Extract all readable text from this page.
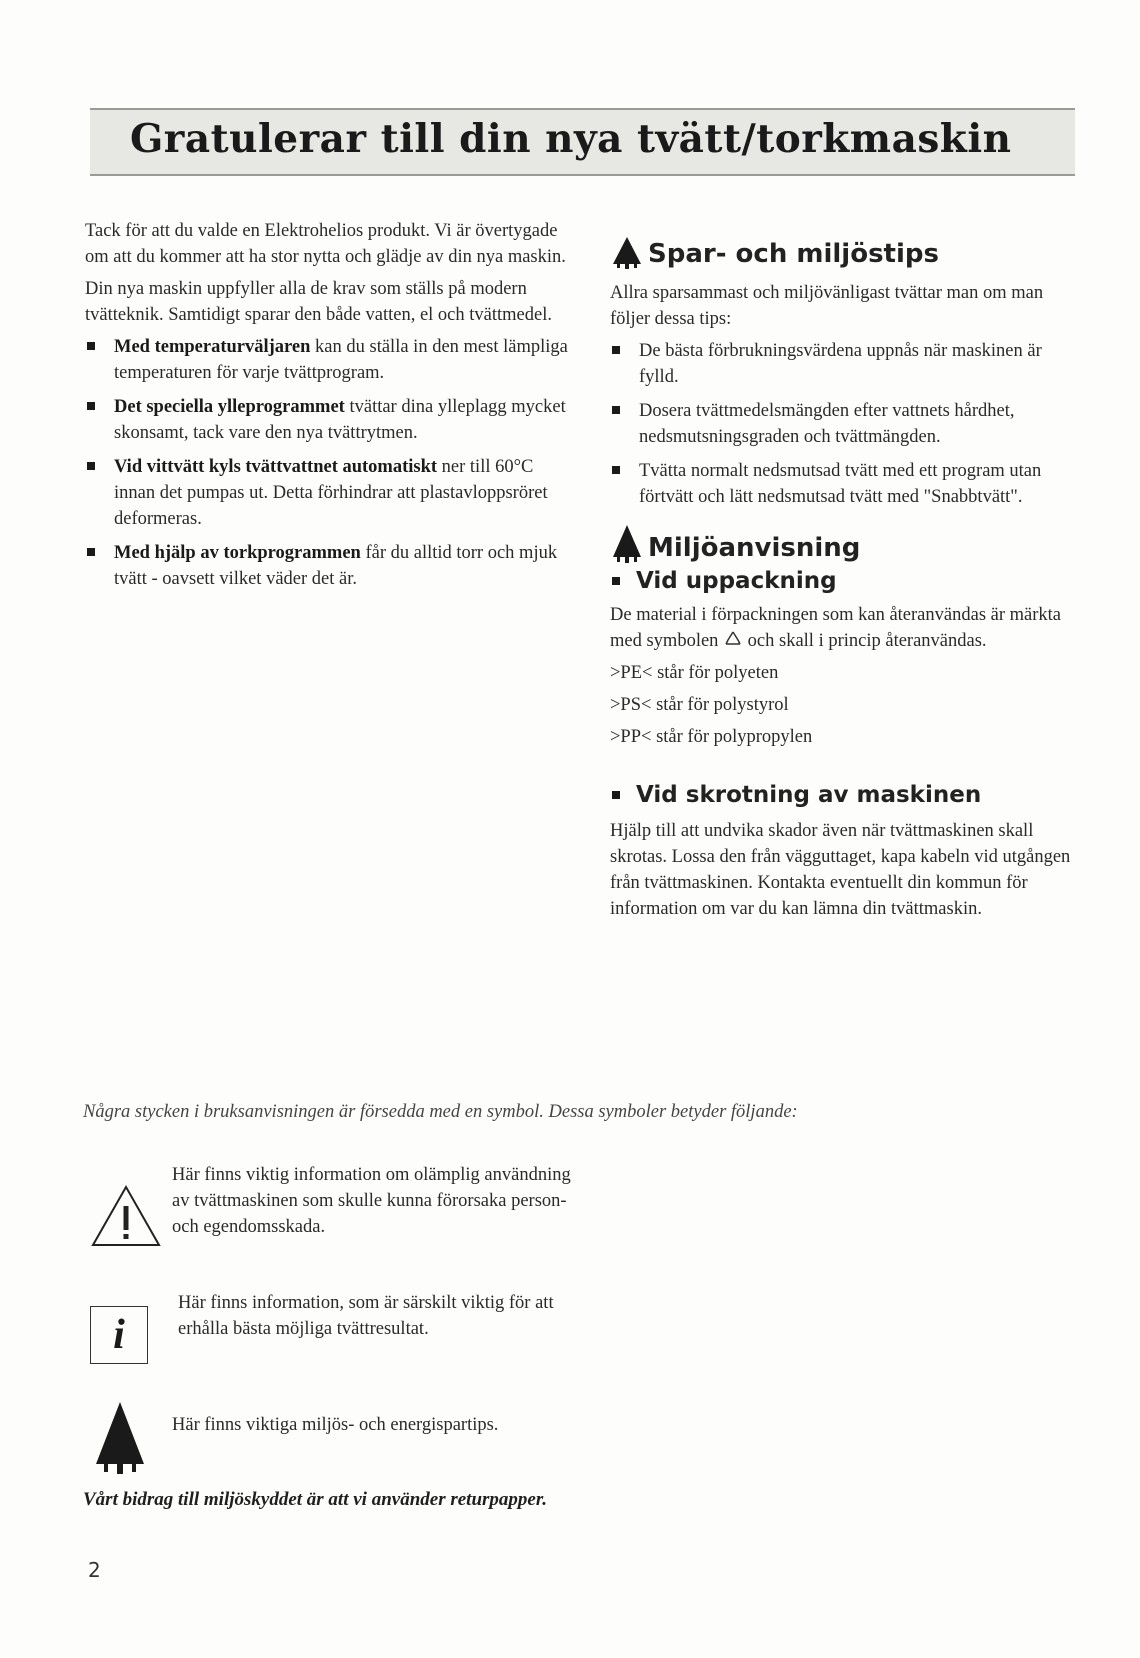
Gratulerar till din nya tvätt/torkmaskin

Tack för att du valde en Elektrohelios produkt. Vi är övertygade om att du kommer att ha stor nytta och glädje av din nya maskin.

Din nya maskin uppfyller alla de krav som ställs på modern tvätteknik. Samtidigt sparar den både vatten, el och tvättmedel.

Med temperaturväljaren kan du ställa in den mest lämpliga temperaturen för varje tvättprogram.
Det speciella ylleprogrammet tvättar dina ylleplagg mycket skonsamt, tack vare den nya tvättrytmen.
Vid vittvätt kyls tvättvattnet automatiskt ner till 60°C innan det pumpas ut. Detta förhindrar att plastavloppsröret deformeras.
Med hjälp av torkprogrammen får du alltid torr och mjuk tvätt - oavsett vilket väder det är.
Spar- och miljöstips

Allra sparsammast och miljövänligast tvättar man om man följer dessa tips:

De bästa förbrukningsvärdena uppnås när maskinen är fylld.
Dosera tvättmedelsmängden efter vattnets hårdhet, nedsmutsningsgraden och tvättmängden.
Tvätta normalt nedsmutsad tvätt med ett program utan förtvätt och lätt nedsmutsad tvätt med "Snabbtvätt".
Miljöanvisning
Vid uppackning

De material i förpackningen som kan återanvändas är märkta med symbolen och skall i princip återanvändas.

>PE< står för polyeten

>PS< står för polystyrol

>PP< står för polypropylen

Vid skrotning av maskinen

Hjälp till att undvika skador även när tvättmaskinen skall skrotas. Lossa den från vägguttaget, kapa kabeln vid utgången från tvättmaskinen. Kontakta eventuellt din kommun för information om var du kan lämna din tvättmaskin.

Några stycken i bruksanvisningen är försedda med en symbol. Dessa symboler betyder följande:
Här finns viktig information om olämplig användning av tvättmaskinen som skulle kunna förorsaka person- och egendomsskada.
i
Här finns information, som är särskilt viktig för att erhålla bästa möjliga tvättresultat.
Här finns viktiga miljös- och energispartips.
Vårt bidrag till miljöskyddet är att vi använder returpapper.
2
